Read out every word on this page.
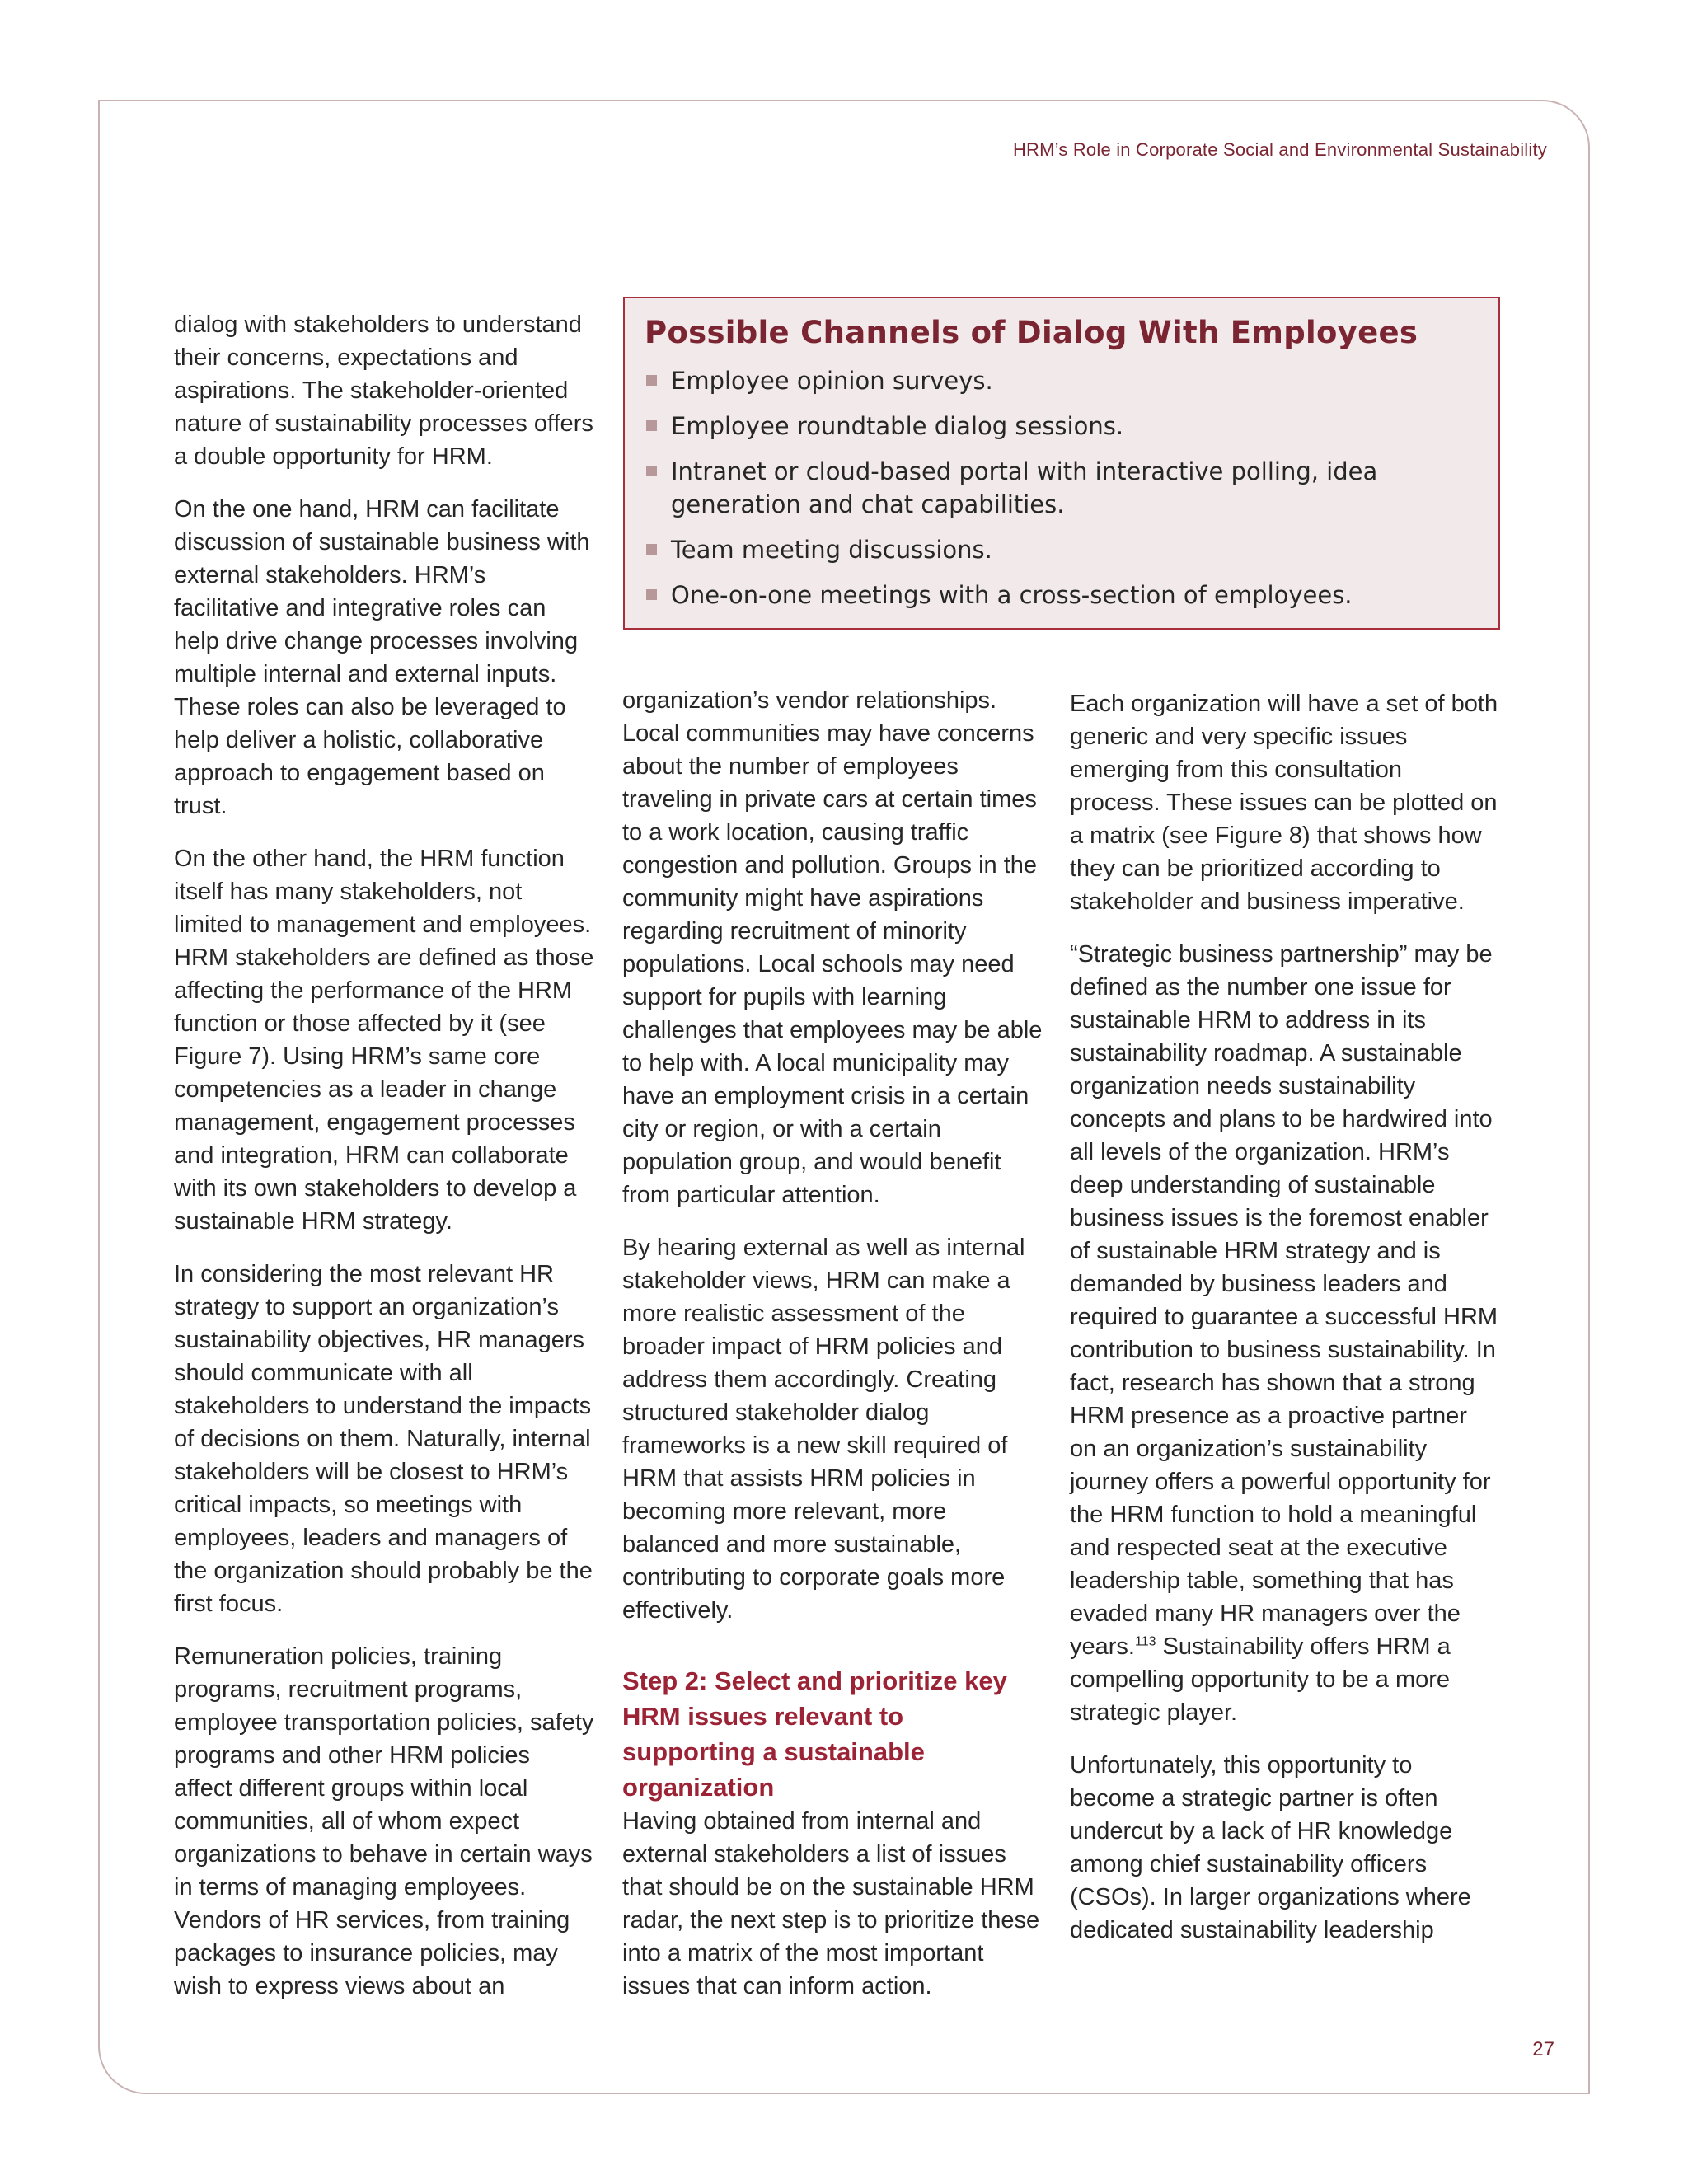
HRM’s Role in Corporate Social and Environmental Sustainability

dialog with stakeholders to understand their concerns, expectations and aspirations. The stakeholder-oriented nature of sustainability processes offers a double opportunity for HRM.

On the one hand, HRM can facilitate discussion of sustainable business with external stakeholders. HRM’s facilitative and integrative roles can help drive change processes involving multiple internal and external inputs. These roles can also be leveraged to help deliver a holistic, collaborative approach to engagement based on trust.

On the other hand, the HRM function itself has many stakeholders, not limited to management and employees. HRM stakeholders are defined as those affecting the performance of the HRM function or those affected by it (see Figure 7). Using HRM’s same core competencies as a leader in change management, engagement processes and integration, HRM can collaborate with its own stakeholders to develop a sustainable HRM strategy.

In considering the most relevant HR strategy to support an organization’s sustainability objectives, HR managers should communicate with all stakeholders to understand the impacts of decisions on them. Naturally, internal stakeholders will be closest to HRM’s critical impacts, so meetings with employees, leaders and managers of the organization should probably be the first focus.

Remuneration policies, training programs, recruitment programs, employee transportation policies, safety programs and other HRM policies affect different groups within local communities, all of whom expect organizations to behave in certain ways in terms of managing employees. Vendors of HR services, from training packages to insurance policies, may wish to express views about an

Possible Channels of Dialog With Employees
Employee opinion surveys.
Employee roundtable dialog sessions.
Intranet or cloud-based portal with interactive polling, idea generation and chat capabilities.
Team meeting discussions.
One-on-one meetings with a cross-section of employees.

organization’s vendor relationships. Local communities may have concerns about the number of employees traveling in private cars at certain times to a work location, causing traffic congestion and pollution. Groups in the community might have aspirations regarding recruitment of minority populations. Local schools may need support for pupils with learning challenges that employees may be able to help with. A local municipality may have an employment crisis in a certain city or region, or with a certain population group, and would benefit from particular attention.

By hearing external as well as internal stakeholder views, HRM can make a more realistic assessment of the broader impact of HRM policies and address them accordingly. Creating structured stakeholder dialog frameworks is a new skill required of HRM that assists HRM policies in becoming more relevant, more balanced and more sustainable, contributing to corporate goals more effectively.

Step 2: Select and prioritize key HRM issues relevant to supporting a sustainable organization

Having obtained from internal and external stakeholders a list of issues that should be on the sustainable HRM radar, the next step is to prioritize these into a matrix of the most important issues that can inform action.

Each organization will have a set of both generic and very specific issues emerging from this consultation process. These issues can be plotted on a matrix (see Figure 8) that shows how they can be prioritized according to stakeholder and business imperative.

“Strategic business partnership” may be defined as the number one issue for sustainable HRM to address in its sustainability roadmap. A sustainable organization needs sustainability concepts and plans to be hardwired into all levels of the organization. HRM’s deep understanding of sustainable business issues is the foremost enabler of sustainable HRM strategy and is demanded by business leaders and required to guarantee a successful HRM contribution to business sustainability. In fact, research has shown that a strong HRM presence as a proactive partner on an organization’s sustainability journey offers a powerful opportunity for the HRM function to hold a meaningful and respected seat at the executive leadership table, something that has evaded many HR managers over the years.$^{113}$ Sustainability offers HRM a compelling opportunity to be a more strategic player.

Unfortunately, this opportunity to become a strategic partner is often undercut by a lack of HR knowledge among chief sustainability officers (CSOs). In larger organizations where dedicated sustainability leadership

27
